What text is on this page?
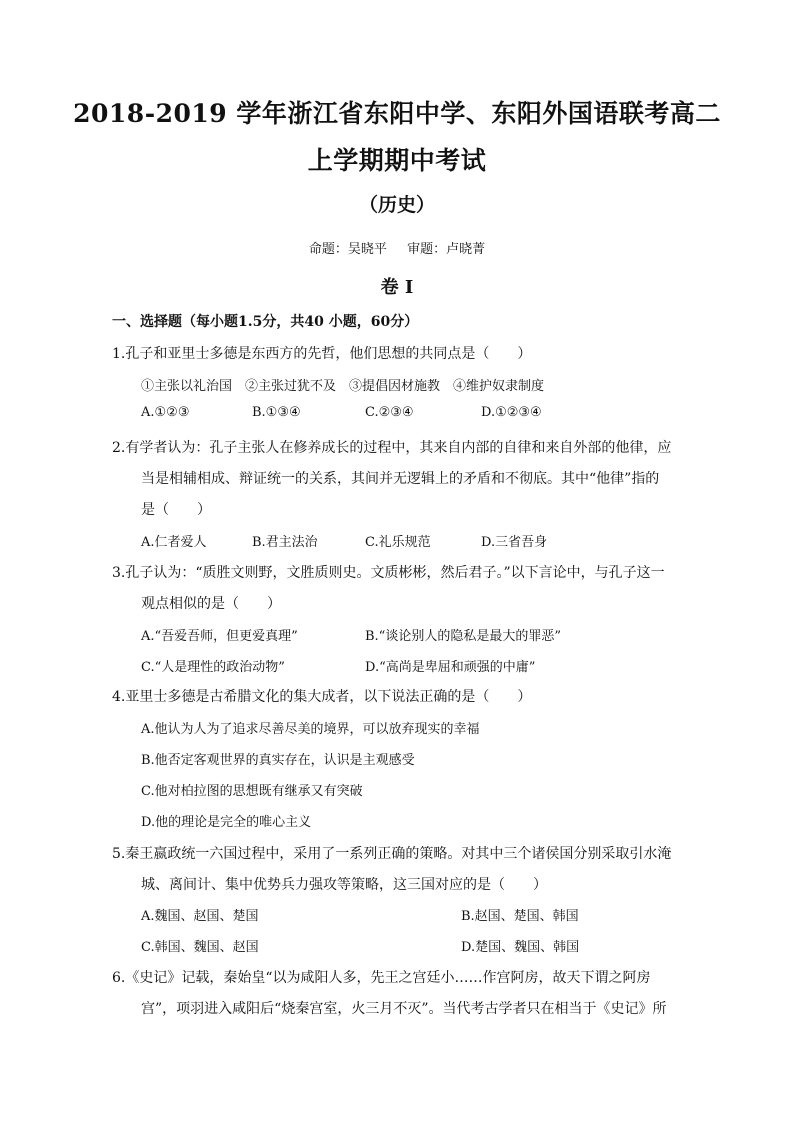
2018-2019 学年浙江省东阳中学、东阳外国语联考高二
上学期期中考试
（历史）
命题：吴晓平 审题：卢晓菁
卷 I
一、选择题（每小题1.5分，共40 小题，60分）
1.孔子和亚里士多德是东西方的先哲，他们思想的共同点是（　　）
①主张以礼治国　②主张过犹不及　③提倡因材施教　④维护奴隶制度
A.①②③	B.①③④	C.②③④	D.①②③④
2.有学者认为：孔子主张人在修养成长的过程中，其来自内部的自律和来自外部的他律，应
当是相辅相成、辩证统一的关系，其间并无逻辑上的矛盾和不彻底。其中“他律”指的
是（　　）
A.仁者爱人	B.君主法治	C.礼乐规范	D.三省吾身
3.孔子认为：“质胜文则野，文胜质则史。文质彬彬，然后君子。”以下言论中，与孔子这一
观点相似的是（　　）
A.“吾爱吾师，但更爱真理”	B.“谈论别人的隐私是最大的罪恶”
C.“人是理性的政治动物”	D.“高尚是卑屈和顽强的中庸”
4.亚里士多德是古希腊文化的集大成者，以下说法正确的是（　　）
A.他认为人为了追求尽善尽美的境界，可以放弃现实的幸福
B.他否定客观世界的真实存在，认识是主观感受
C.他对柏拉图的思想既有继承又有突破
D.他的理论是完全的唯心主义
5.秦王嬴政统一六国过程中，采用了一系列正确的策略。对其中三个诸侯国分别采取引水淹
城、离间计、集中优势兵力强攻等策略，这三国对应的是（　　）
A.魏国、赵国、楚国	B.赵国、楚国、韩国
C.韩国、魏国、赵国	D.楚国、魏国、韩国
6.《史记》记载，秦始皇“以为咸阳人多，先王之宫廷小……作宫阿房，故天下谓之阿房
宫”，项羽进入咸阳后“烧秦宫室，火三月不灭”。当代考古学者只在相当于《史记》所
